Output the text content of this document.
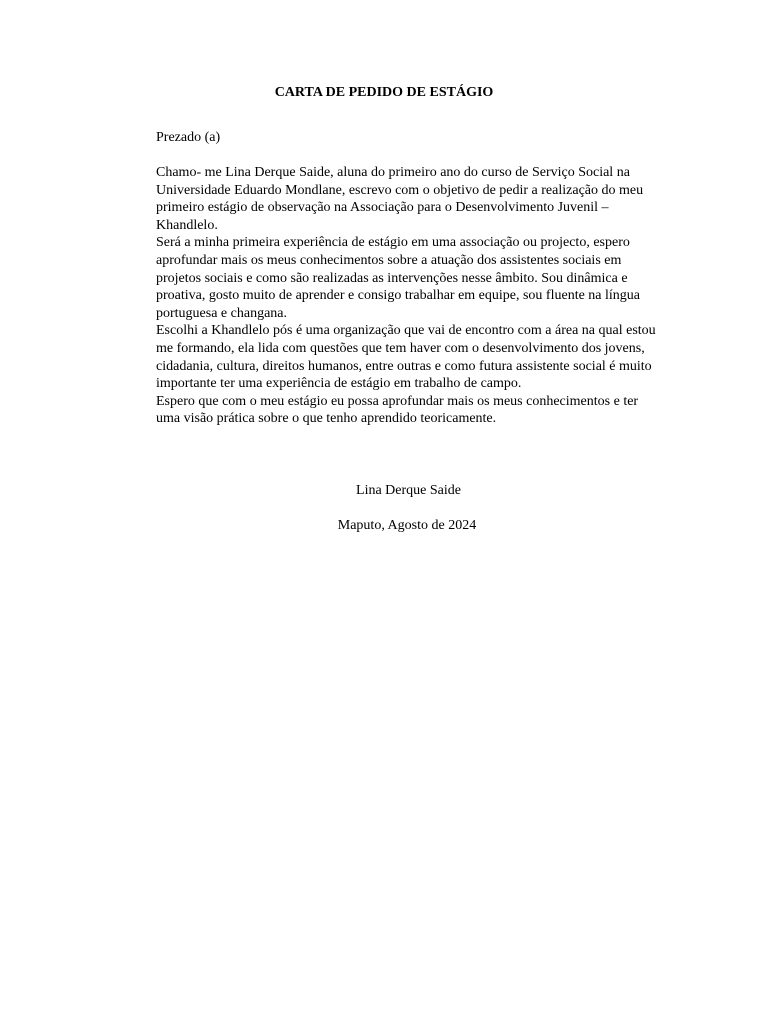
CARTA DE PEDIDO DE ESTÁGIO
Prezado (a)

Chamo- me Lina Derque Saide, aluna do primeiro ano do curso de Serviço Social na Universidade Eduardo Mondlane, escrevo com o objetivo de pedir a realização do meu primeiro estágio de observação na Associação para o Desenvolvimento Juvenil – Khandlelo.

Será a minha primeira experiência de estágio em uma associação ou projecto, espero aprofundar mais os meus conhecimentos sobre a atuação dos assistentes sociais em projetos sociais e como são realizadas as intervenções nesse âmbito. Sou dinâmica e proativa, gosto muito de aprender e consigo trabalhar em equipe, sou fluente na língua portuguesa e changana.

Escolhi a Khandlelo pós é uma organização que vai de encontro com a área na qual estou me formando, ela lida com questões que tem haver com o desenvolvimento dos jovens, cidadania, cultura, direitos humanos, entre outras e como futura assistente social é muito importante ter uma experiência de estágio em trabalho de campo.

Espero que com o meu estágio eu possa aprofundar mais os meus conhecimentos e ter uma visão prática sobre o que tenho aprendido teoricamente.

Lina Derque Saide
Maputo, Agosto de 2024
